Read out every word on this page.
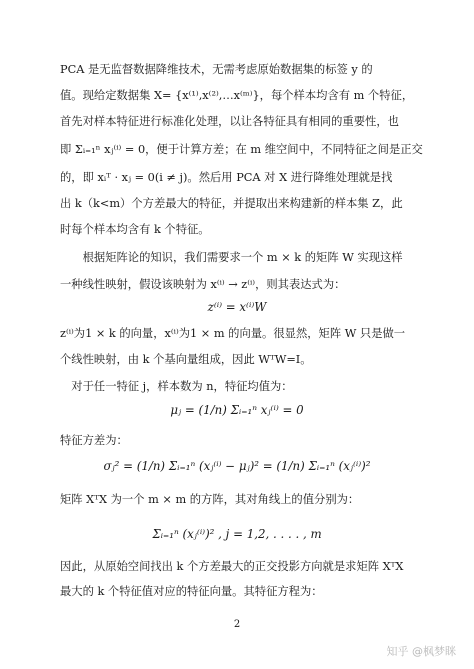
PCA 是无监督数据降维技术，无需考虑原始数据集的标签 y 的
值。现给定数据集 X= {x⁽¹⁾,x⁽²⁾,…x⁽ᵐ⁾}，每个样本均含有 m 个特征，
首先对样本特征进行标准化处理，以让各特征具有相同的重要性，也
即 Σᵢ₌₁ⁿ xⱼ⁽ⁱ⁾ = 0，便于计算方差；在 m 维空间中，不同特征之间是正交
的，即 xᵢᵀ · xⱼ = 0(i ≠ j)。然后用 PCA 对 X 进行降维处理就是找
出 k（k<m）个方差最大的特征，并提取出来构建新的样本集 Z，此
时每个样本均含有 k 个特征。
　　根据矩阵论的知识，我们需要求一个 m × k 的矩阵 W 实现这样
一种线性映射，假设该映射为 x⁽ⁱ⁾ → z⁽ⁱ⁾，则其表达式为：
z⁽ⁱ⁾为1 × k 的向量，x⁽ⁱ⁾为1 × m 的向量。很显然，矩阵 W 只是做一
个线性映射，由 k 个基向量组成，因此 WᵀW=I。
　对于任一特征 j，样本数为 n，特征均值为：
特征方差为：
矩阵 XᵀX 为一个 m × m 的方阵，其对角线上的值分别为：
因此，从原始空间找出 k 个方差最大的正交投影方向就是求矩阵 XᵀX
最大的 k 个特征值对应的特征向量。其特征方程为：
z⁽ⁱ⁾ = x⁽ⁱ⁾W
μⱼ = (1/n) Σᵢ₌₁ⁿ xⱼ⁽ⁱ⁾ = 0
σⱼ² = (1/n) Σᵢ₌₁ⁿ (xⱼ⁽ⁱ⁾ − μⱼ)² = (1/n) Σᵢ₌₁ⁿ (xⱼ⁽ⁱ⁾)²
Σᵢ₌₁ⁿ (xⱼ⁽ⁱ⁾)² , j = 1,2, . . . . , m
2
知乎 @枫梦眯
